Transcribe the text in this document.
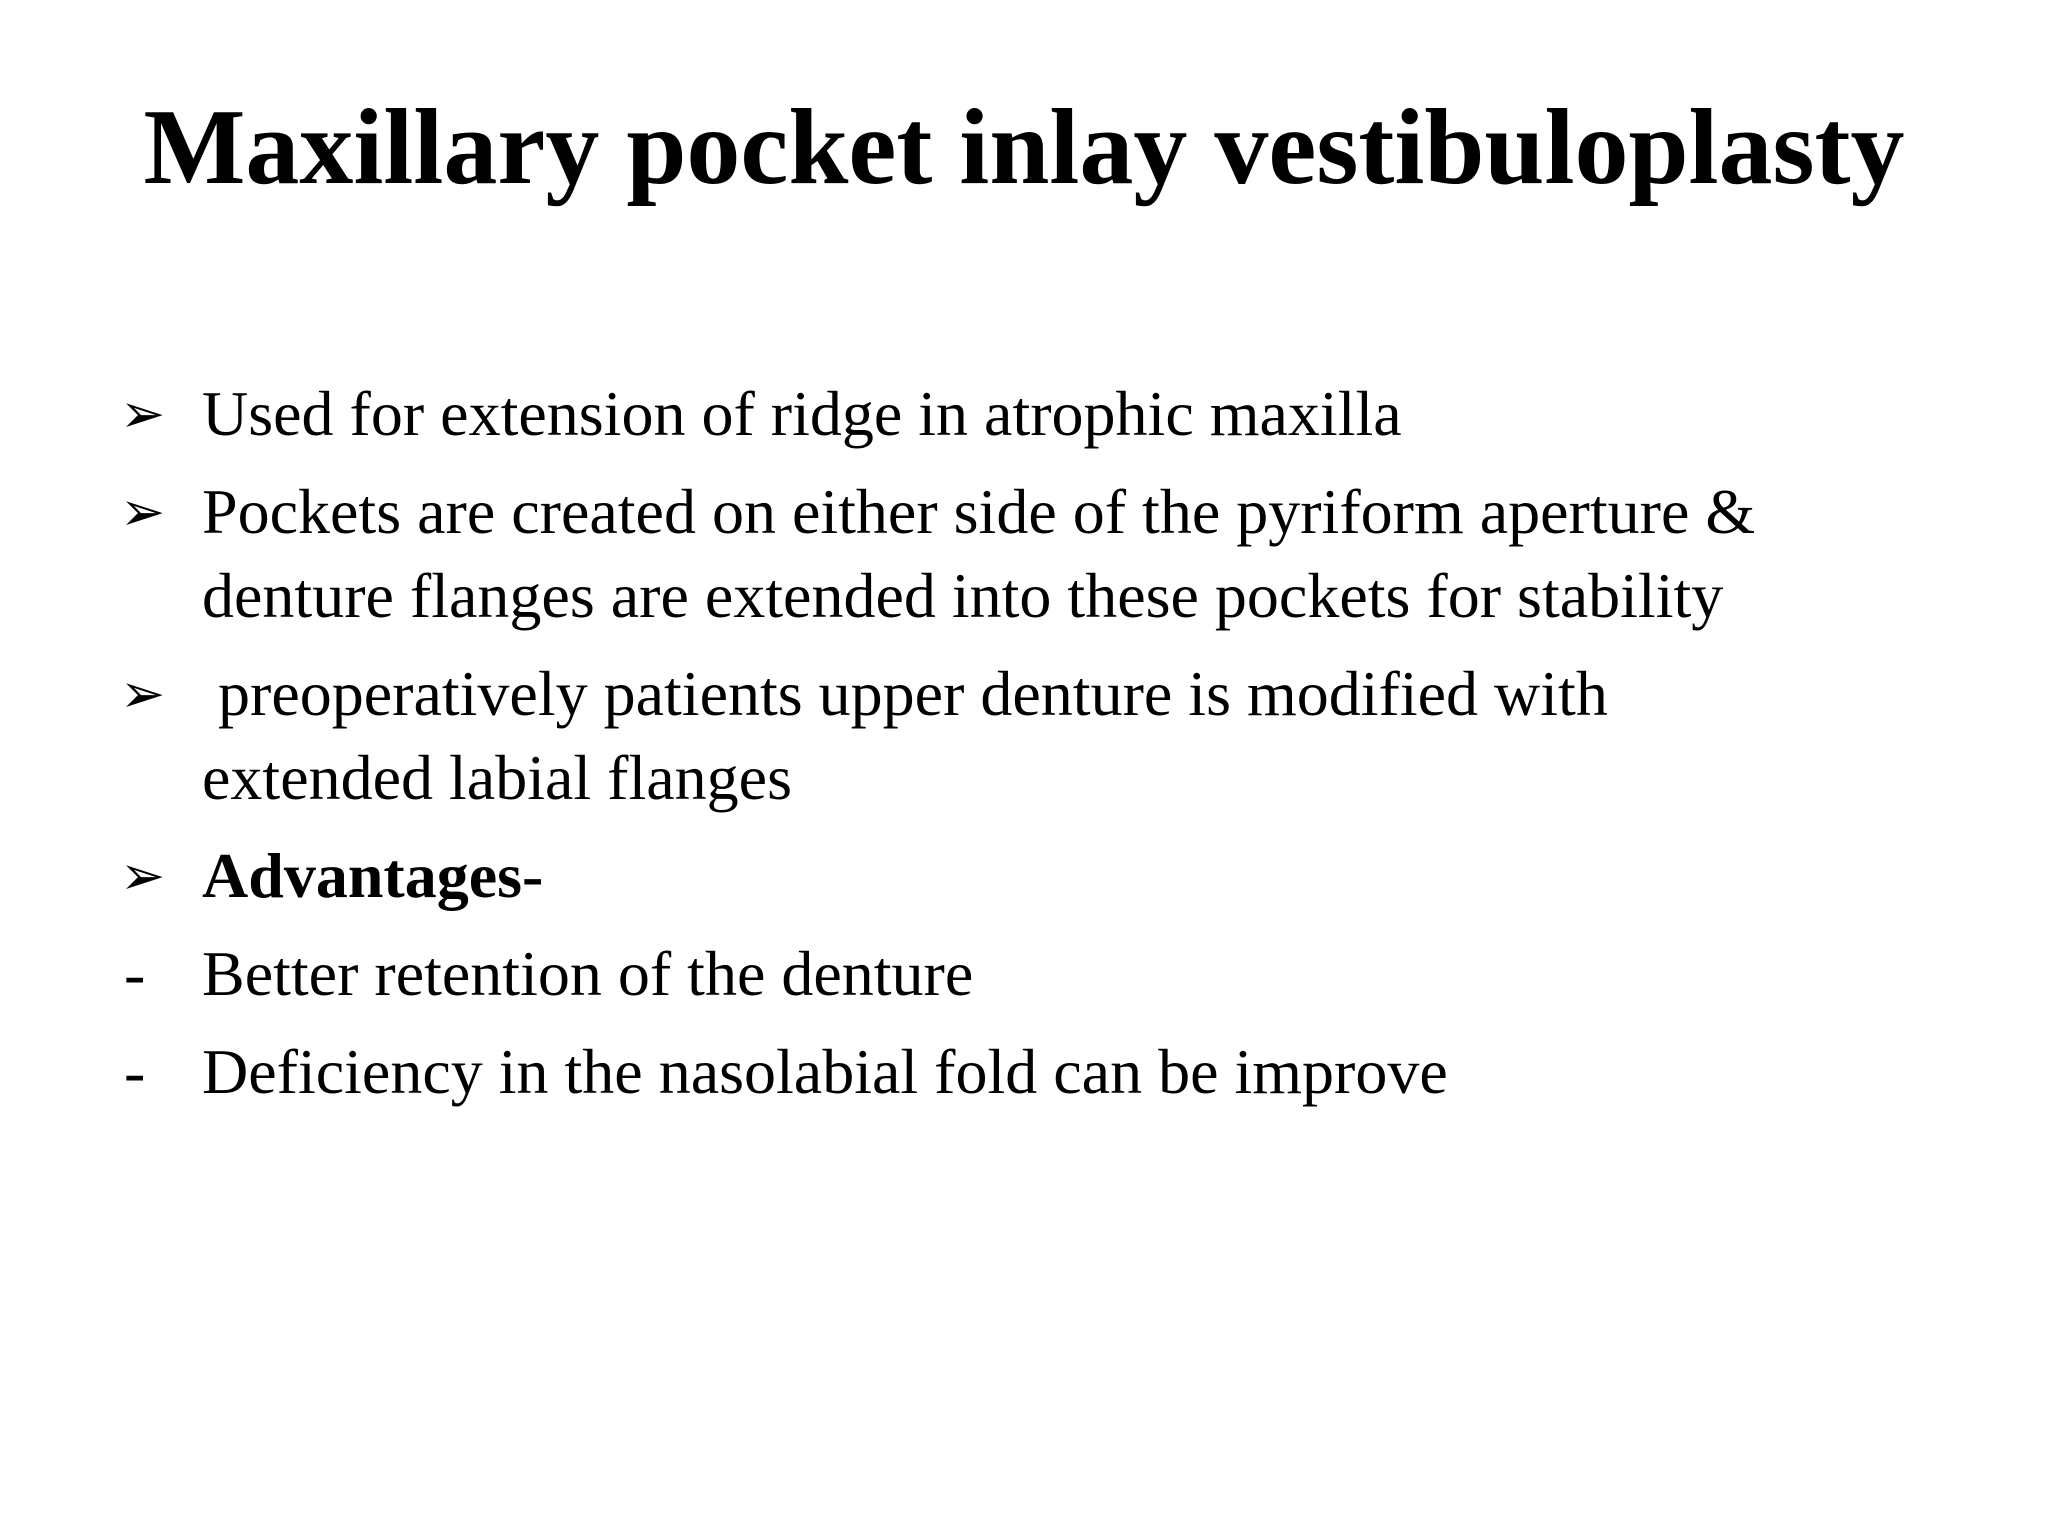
Maxillary pocket inlay vestibuloplasty
➢ Used for extension of ridge in atrophic maxilla
➢ Pockets are created on either side of the pyriform aperture & denture flanges are extended into these pockets for stability
➢ preoperatively patients upper denture is modified with
extended labial flanges
➢ Advantages-
- Better retention of the denture
- Deficiency in the nasolabial fold can be improve
